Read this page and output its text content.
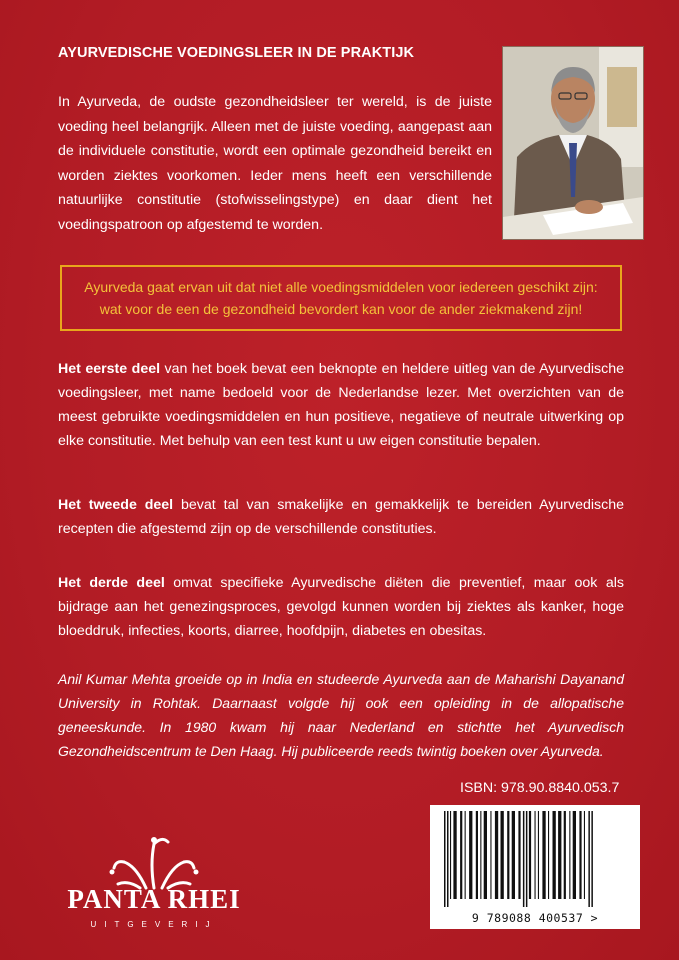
AYURVEDISCHE VOEDINGSLEER IN DE PRAKTIJK
In Ayurveda, de oudste gezondheidsleer ter wereld, is de juiste voeding heel belangrijk. Alleen met de juiste voeding, aangepast aan de individuele constitutie, wordt een optimale gezondheid bereikt en worden ziektes voorkomen. Ieder mens heeft een verschillende natuurlijke constitutie (stofwisselingstype) en daar dient het voedingspatroon op afgestemd te worden.
Ayurveda gaat ervan uit dat niet alle voedingsmiddelen voor iedereen geschikt zijn:
wat voor de een de gezondheid bevordert kan voor de ander ziekmakend zijn!
Het eerste deel van het boek bevat een beknopte en heldere uitleg van de Ayurvedische voedingsleer, met name bedoeld voor de Nederlandse lezer. Met overzichten van de meest gebruikte voedingsmiddelen en hun positieve, negatieve of neutrale uitwerking op elke constitutie. Met behulp van een test kunt u uw eigen constitutie bepalen.
Het tweede deel bevat tal van smakelijke en gemakkelijk te bereiden Ayurvedische recepten die afgestemd zijn op de verschillende constituties.
Het derde deel omvat specifieke Ayurvedische diëten die preventief, maar ook als bijdrage aan het genezingsproces, gevolgd kunnen worden bij ziektes als kanker, hoge bloeddruk, infecties, koorts, diarree, hoofdpijn, diabetes en obesitas.
Anil Kumar Mehta groeide op in India en studeerde Ayurveda aan de Maharishi Dayanand University in Rohtak. Daarnaast volgde hij ook een opleiding in de allopatische geneeskunde. In 1980 kwam hij naar Nederland en stichtte het Ayurvedisch Gezondheidscentrum te Den Haag. Hij publiceerde reeds twintig boeken over Ayurveda.
ISBN: 978.90.8840.053.7
9 789088 400537 >
PANTA RHEI
UITGEVERIJ
